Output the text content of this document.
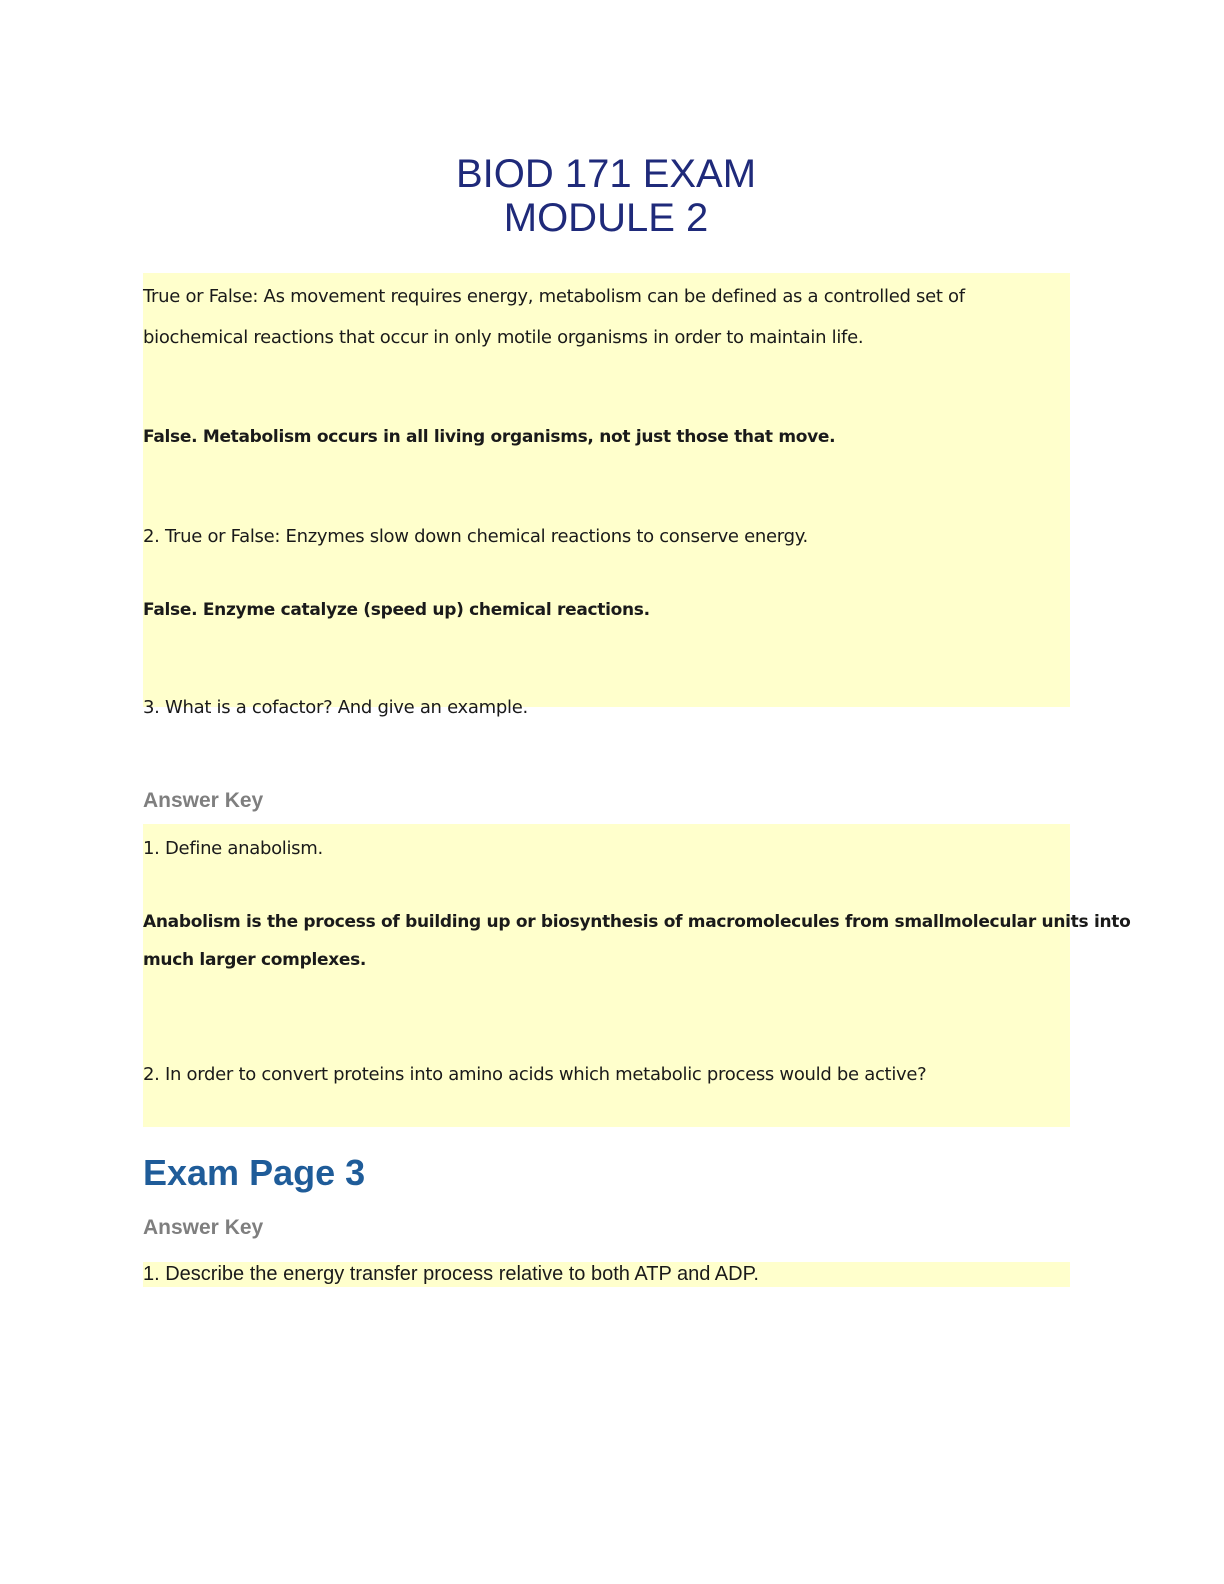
BIOD 171 EXAM
MODULE 2
True or False: As movement requires energy, metabolism can be defined as a controlled set of
biochemical reactions that occur in only motile organisms in order to maintain life.
False. Metabolism occurs in all living organisms, not just those that move.
2. True or False: Enzymes slow down chemical reactions to conserve energy.
False. Enzyme catalyze (speed up) chemical reactions.
3. What is a cofactor? And give an example.
Answer Key
1. Define anabolism.
Anabolism is the process of building up or biosynthesis of macromolecules from smallmolecular units into
much larger complexes.
2. In order to convert proteins into amino acids which metabolic process would be active?
Exam Page 3
Answer Key
1. Describe the energy transfer process relative to both ATP and ADP.
